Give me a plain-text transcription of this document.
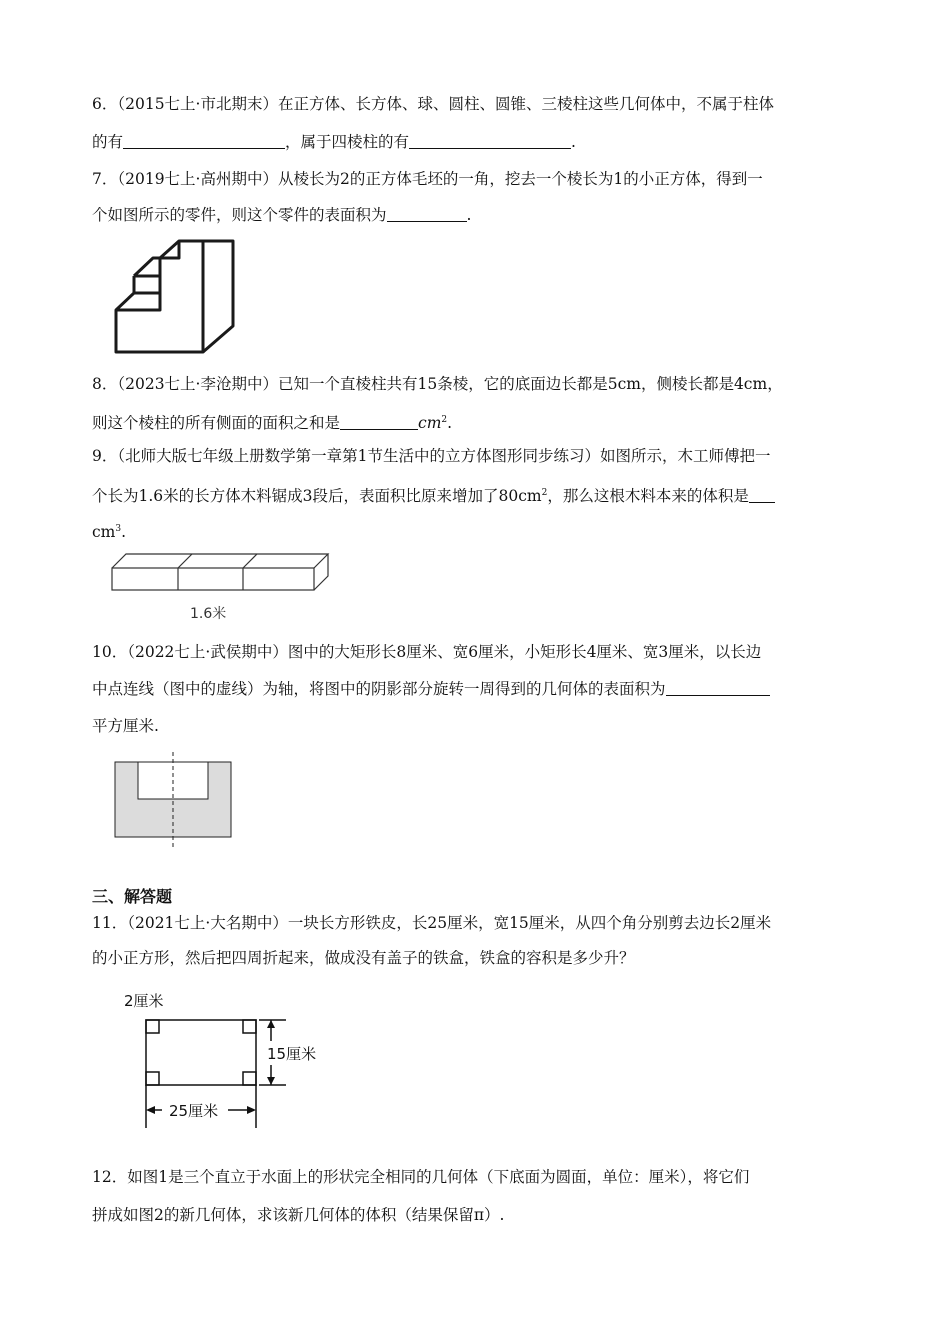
6．（2015七上·市北期末）在正方体、长方体、球、圆柱、圆锥、三棱柱这些几何体中，不属于柱体
的有	，属于四棱柱的有	.
7．（2019七上·高州期中）从棱长为2的正方体毛坯的一角，挖去一个棱长为1的小正方体，得到一
个如图所示的零件，则这个零件的表面积为	.
8．（2023七上·李沧期中）已知一个直棱柱共有15条棱，它的底面边长都是5cm，侧棱长都是4cm，
则这个棱柱的所有侧面的面积之和是	$cm^2$.
9．（北师大版七年级上册数学第一章第1节生活中的立方体图形同步练习）如图所示，木工师傅把一
个长为1.6米的长方体木料锯成3段后，表面积比原来增加了$80cm^2$，那么这根木料本来的体积是
$cm^3$.
1.6米
10．（2022七上·武侯期中）图中的大矩形长8厘米、宽6厘米，小矩形长4厘米、宽3厘米，以长边
中点连线（图中的虚线）为轴，将图中的阴影部分旋转一周得到的几何体的表面积为
平方厘米.
三、解答题
11．（2021七上·大名期中）一块长方形铁皮，长25厘米，宽15厘米，从四个角分别剪去边长2厘米
的小正方形，然后把四周折起来，做成没有盖子的铁盒，铁盒的容积是多少升？
2厘米
15厘米
25厘米
12．如图1是三个直立于水面上的形状完全相同的几何体（下底面为圆面，单位：厘米），将它们
拼成如图2的新几何体，求该新几何体的体积（结果保留π）.
